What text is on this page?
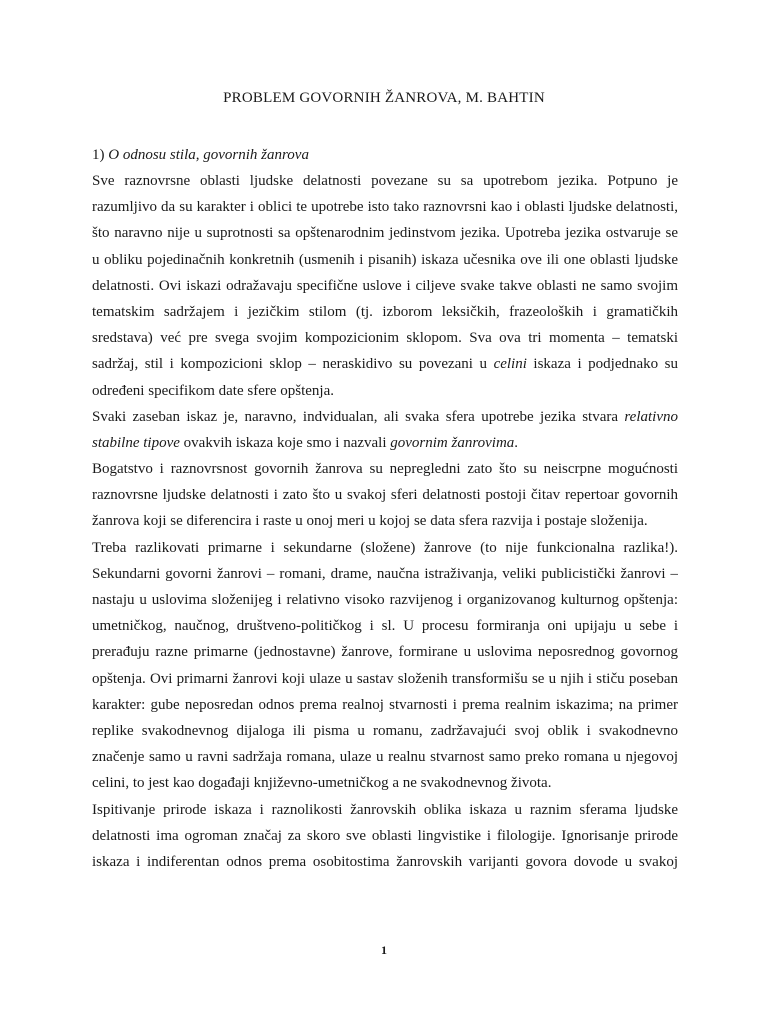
PROBLEM GOVORNIH ŽANROVA, M. BAHTIN
1) O odnosu stila, govornih žanrova

Sve raznovrsne oblasti ljudske delatnosti povezane su sa upotrebom jezika. Potpuno je
razumljivo da su karakter i oblici te upotrebe isto tako raznovrsni kao i oblasti ljudske delatnosti,
što naravno nije u suprotnosti sa opštenarodnim jedinstvom jezika. Upotreba jezika ostvaruje se
u obliku pojedinačnih konkretnih (usmenih i pisanih) iskaza učesnika ove ili one oblasti ljudske
delatnosti. Ovi iskazi odražavaju specifične uslove i ciljeve svake takve oblasti ne samo svojim
tematskim sadržajem i jezičkim stilom (tj. izborom leksičkih, frazeoloških i gramatičkih
sredstava) već pre svega svojim kompozicionim sklopom. Sva ova tri momenta – tematski
sadržaj, stil i kompozicioni sklop – neraskidivo su povezani u celini iskaza i podjednako su
određeni specifikom date sfere opštenja.

Svaki zaseban iskaz je, naravno, indvidualan, ali svaka sfera upotrebe jezika stvara relativno
stabilne tipove ovakvih iskaza koje smo i nazvali govornim žanrovima.

Bogatstvo i raznovrsnost govornih žanrova su nepregledni zato što su neiscrpne mogućnosti
raznovrsne ljudske delatnosti i zato što u svakoj sferi delatnosti postoji čitav repertoar govornih
žanrova koji se diferencira i raste u onoj meri u kojoj se data sfera razvija i postaje složenija.

Treba razlikovati primarne i sekundarne (složene) žanrove (to nije funkcionalna razlika!).
Sekundarni govorni žanrovi – romani, drame, naučna istraživanja, veliki publicistički žanrovi –
nastaju u uslovima složenijeg i relativno visoko razvijenog i organizovanog kulturnog opštenja:
umetničkog, naučnog, društveno-političkog i sl. U procesu formiranja oni upijaju u sebe i
prerađuju razne primarne (jednostavne) žanrove, formirane u uslovima neposrednog govornog
opštenja. Ovi primarni žanrovi koji ulaze u sastav složenih transformišu se u njih i stiču poseban
karakter: gube neposredan odnos prema realnoj stvarnosti i prema realnim iskazima; na primer
replike svakodnevnog dijaloga ili pisma u romanu, zadržavajući svoj oblik i svakodnevno
značenje samo u ravni sadržaja romana, ulaze u realnu stvarnost samo preko romana u njegovoj
celini, to jest kao događaji književno-umetničkog a ne svakodnevnog života.

Ispitivanje prirode iskaza i raznolikosti žanrovskih oblika iskaza u raznim sferama ljudske
delatnosti ima ogroman značaj za skoro sve oblasti lingvistike i filologije. Ignorisanje prirode
iskaza i indiferentan odnos prema osobitostima žanrovskih varijanti govora dovode u svakoj

1
